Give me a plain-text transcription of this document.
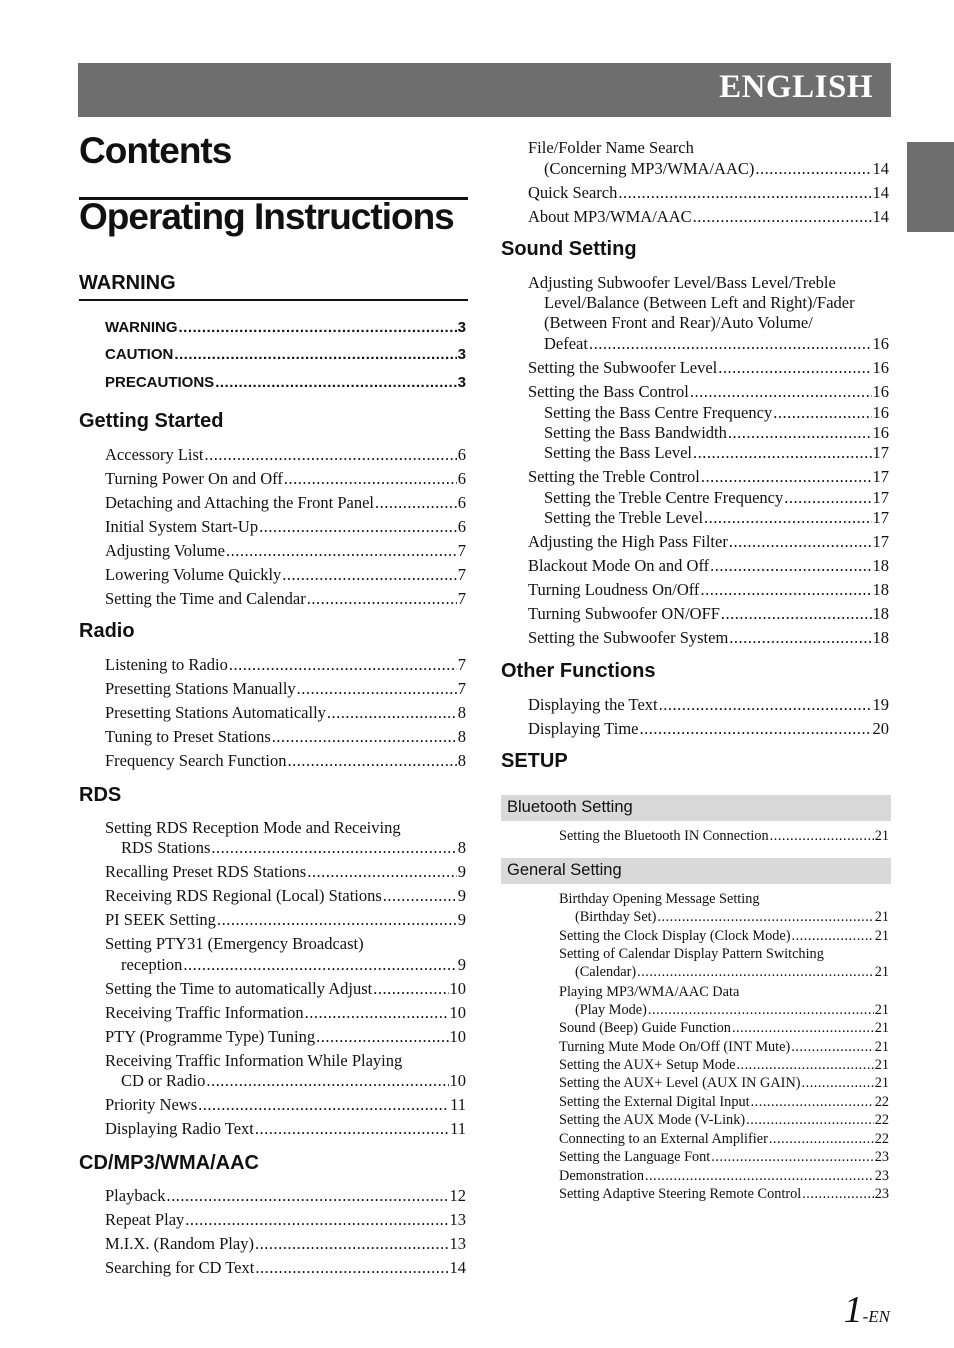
ENGLISH
Contents
Operating Instructions
WARNING
WARNING .....	3
CAUTION .....	3
PRECAUTIONS .....	3
Getting Started
Accessory List .....	6
Turning Power On and Off .....	6
Detaching and Attaching the Front Panel .....	6
Initial System Start-Up .....	6
Adjusting Volume .....	7
Lowering Volume Quickly .....	7
Setting the Time and Calendar .....	7
Radio
Listening to Radio .....	7
Presetting Stations Manually .....	7
Presetting Stations Automatically .....	8
Tuning to Preset Stations .....	8
Frequency Search Function .....	8
RDS
Setting RDS Reception Mode and Receiving
RDS Stations .....	8
Recalling Preset RDS Stations .....	9
Receiving RDS Regional (Local) Stations .....	9
PI SEEK Setting .....	9
Setting PTY31 (Emergency Broadcast)
reception .....	9
Setting the Time to automatically Adjust .....	10
Receiving Traffic Information .....	10
PTY (Programme Type) Tuning .....	10
Receiving Traffic Information While Playing
CD or Radio .....	10
Priority News .....	11
Displaying Radio Text .....	11
CD/MP3/WMA/AAC
Playback .....	12
Repeat Play .....	13
M.I.X. (Random Play) .....	13
Searching for CD Text .....	14
File/Folder Name Search
(Concerning MP3/WMA/AAC) .....	14
Quick Search .....	14
About MP3/WMA/AAC .....	14
Sound Setting
Adjusting Subwoofer Level/Bass Level/Treble
Level/Balance (Between Left and Right)/Fader
(Between Front and Rear)/Auto Volume/
Defeat .....	16
Setting the Subwoofer Level .....	16
Setting the Bass Control .....	16
Setting the Bass Centre Frequency .....	16
Setting the Bass Bandwidth .....	16
Setting the Bass Level .....	17
Setting the Treble Control .....	17
Setting the Treble Centre Frequency .....	17
Setting the Treble Level .....	17
Adjusting the High Pass Filter .....	17
Blackout Mode On and Off .....	18
Turning Loudness On/Off .....	18
Turning Subwoofer ON/OFF .....	18
Setting the Subwoofer System .....	18
Other Functions
Displaying the Text .....	19
Displaying Time .....	20
SETUP
Bluetooth Setting
Setting the Bluetooth IN Connection .....	21
General Setting
Birthday Opening Message Setting
(Birthday Set) .....	21
Setting the Clock Display (Clock Mode) .....	21
Setting of Calendar Display Pattern Switching
(Calendar) .....	21
Playing MP3/WMA/AAC Data
(Play Mode) .....	21
Sound (Beep) Guide Function .....	21
Turning Mute Mode On/Off (INT Mute) .....	21
Setting the AUX+ Setup Mode .....	21
Setting the AUX+ Level (AUX IN GAIN) .....	21
Setting the External Digital Input .....	22
Setting the AUX Mode (V-Link) .....	22
Connecting to an External Amplifier .....	22
Setting the Language Font .....	23
Demonstration .....	23
Setting Adaptive Steering Remote Control .....	23
1-EN
